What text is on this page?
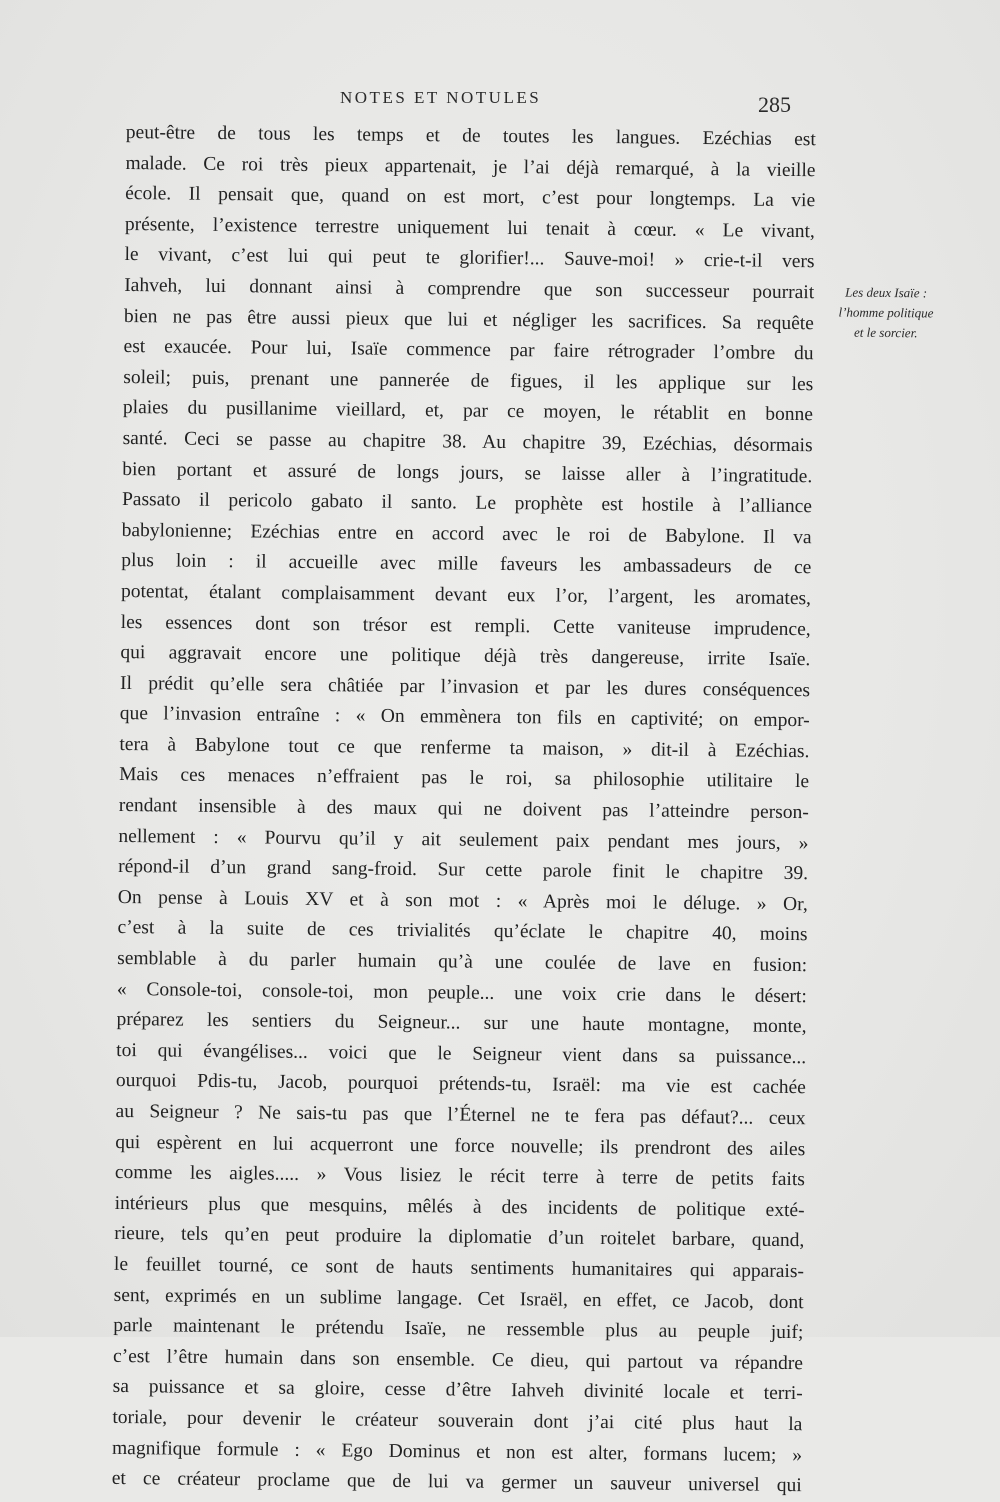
NOTES ET NOTULES	285
peut-être de tous les temps et de toutes les langues. Ezéchias est
malade. Ce roi très pieux appartenait, je l’ai déjà remarqué, à la vieille
école. Il pensait que, quand on est mort, c’est pour longtemps. La vie
présente, l’existence terrestre uniquement lui tenait à cœur. « Le vivant,
le vivant, c’est lui qui peut te glorifier!... Sauve-moi! » crie-t-il vers
Iahveh, lui donnant ainsi à comprendre que son successeur pourrait
bien ne pas être aussi pieux que lui et négliger les sacrifices. Sa requête
est exaucée. Pour lui, Isaïe commence par faire rétrograder l’ombre du
soleil; puis, prenant une pannerée de figues, il les applique sur les
plaies du pusillanime vieillard, et, par ce moyen, le rétablit en bonne
santé. Ceci se passe au chapitre 38. Au chapitre 39, Ezéchias, désormais
bien portant et assuré de longs jours, se laisse aller à l’ingratitude.
Passato il pericolo gabato il santo. Le prophète est hostile à l’alliance
babylonienne; Ezéchias entre en accord avec le roi de Babylone. Il va
plus loin : il accueille avec mille faveurs les ambassadeurs de ce
potentat, étalant complaisamment devant eux l’or, l’argent, les aromates,
les essences dont son trésor est rempli. Cette vaniteuse imprudence,
qui aggravait encore une politique déjà très dangereuse, irrite Isaïe.
Il prédit qu’elle sera châtiée par l’invasion et par les dures conséquences
que l’invasion entraîne : « On emmènera ton fils en captivité; on empor-
tera à Babylone tout ce que renferme ta maison, » dit-il à Ezéchias.
Mais ces menaces n’effraient pas le roi, sa philosophie utilitaire le
rendant insensible à des maux qui ne doivent pas l’atteindre person-
nellement : « Pourvu qu’il y ait seulement paix pendant mes jours, »
répond-il d’un grand sang-froid. Sur cette parole finit le chapitre 39.
On pense à Louis XV et à son mot : « Après moi le déluge. » Or,
c’est à la suite de ces trivialités qu’éclate le chapitre 40, moins
semblable à du parler humain qu’à une coulée de lave en fusion:
« Console-toi, console-toi, mon peuple... une voix crie dans le désert:
préparez les sentiers du Seigneur... sur une haute montagne, monte,
toi qui évangélises... voici que le Seigneur vient dans sa puissance...
ourquoi Pdis-tu, Jacob, pourquoi prétends-tu, Israël: ma vie est cachée
au Seigneur ? Ne sais-tu pas que l’Éternel ne te fera pas défaut?... ceux
qui espèrent en lui acquerront une force nouvelle; ils prendront des ailes
comme les aigles..... » Vous lisiez le récit terre à terre de petits faits
intérieurs plus que mesquins, mêlés à des incidents de politique exté-
rieure, tels qu’en peut produire la diplomatie d’un roitelet barbare, quand,
le feuillet tourné, ce sont de hauts sentiments humanitaires qui apparais-
sent, exprimés en un sublime langage. Cet Israël, en effet, ce Jacob, dont
parle maintenant le prétendu Isaïe, ne ressemble plus au peuple juif;
c’est l’être humain dans son ensemble. Ce dieu, qui partout va répandre
sa puissance et sa gloire, cesse d’être Iahveh divinité locale et terri-
toriale, pour devenir le créateur souverain dont j’ai cité plus haut la
magnifique formule : « Ego Dominus et non est alter, formans lucem; »
et ce créateur proclame que de lui va germer un sauveur universel qui
Les deux Isaïe :
l’homme politique
et le sorcier.
